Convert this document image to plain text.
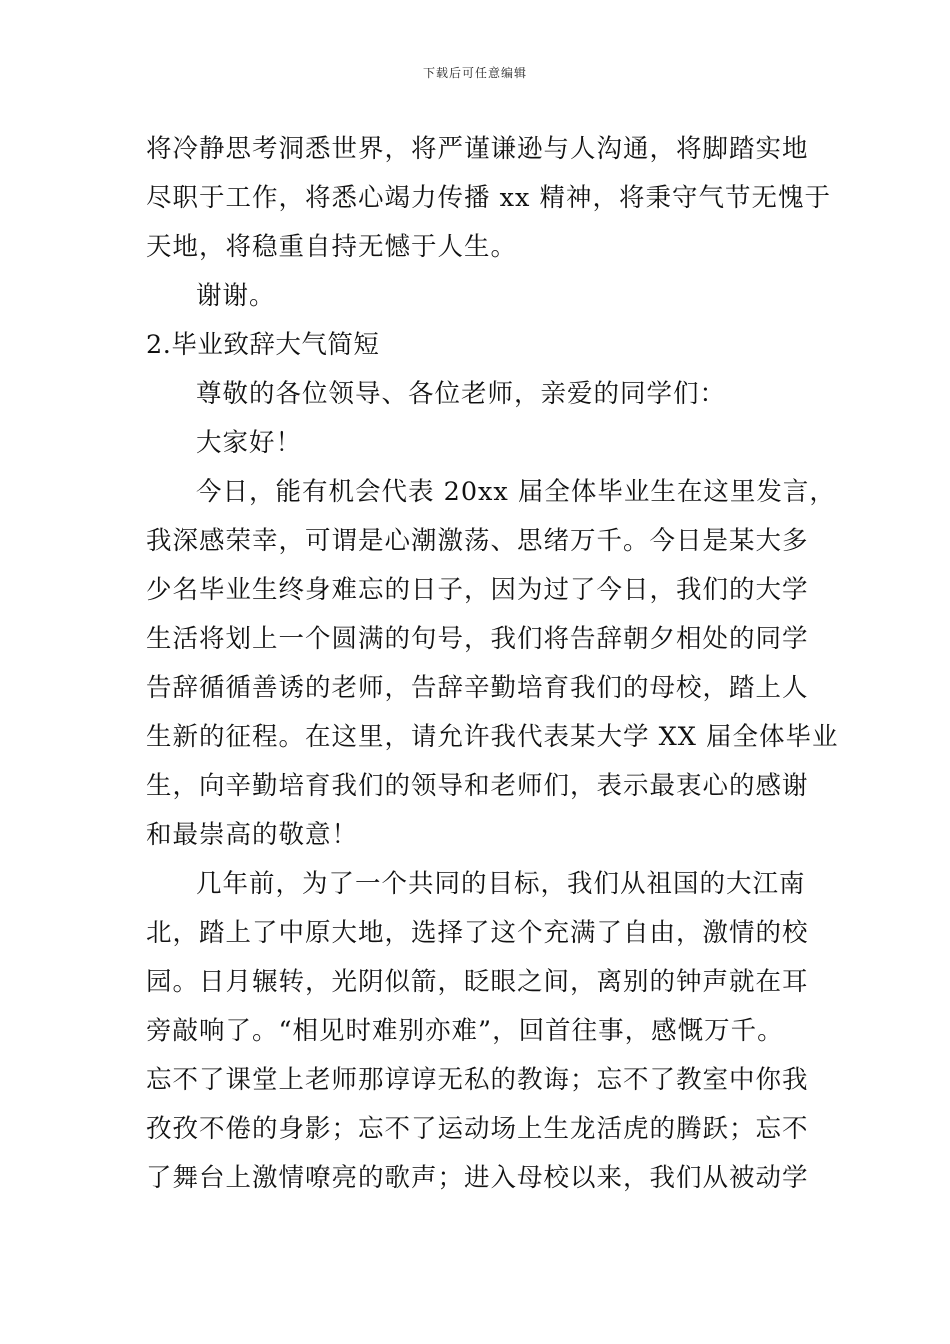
下载后可任意编辑
将冷静思考洞悉世界，将严谨谦逊与人沟通，将脚踏实地
尽职于工作，将悉心竭力传播 xx 精神，将秉守气节无愧于
天地，将稳重自持无憾于人生。
谢谢。
2.毕业致辞大气简短
尊敬的各位领导、各位老师，亲爱的同学们：
大家好！
今日，能有机会代表 20xx 届全体毕业生在这里发言，
我深感荣幸，可谓是心潮激荡、思绪万千。今日是某大多
少名毕业生终身难忘的日子，因为过了今日，我们的大学
生活将划上一个圆满的句号，我们将告辞朝夕相处的同学
告辞循循善诱的老师，告辞辛勤培育我们的母校，踏上人
生新的征程。在这里，请允许我代表某大学 XX 届全体毕业
生，向辛勤培育我们的领导和老师们，表示最衷心的感谢
和最崇高的敬意！
几年前，为了一个共同的目标，我们从祖国的大江南
北，踏上了中原大地，选择了这个充满了自由，激情的校
园。日月辗转，光阴似箭，眨眼之间，离别的钟声就在耳
旁敲响了。“相见时难别亦难”，回首往事，感慨万千。
忘不了课堂上老师那谆谆无私的教诲；忘不了教室中你我
孜孜不倦的身影；忘不了运动场上生龙活虎的腾跃；忘不
了舞台上激情嘹亮的歌声；进入母校以来，我们从被动学
